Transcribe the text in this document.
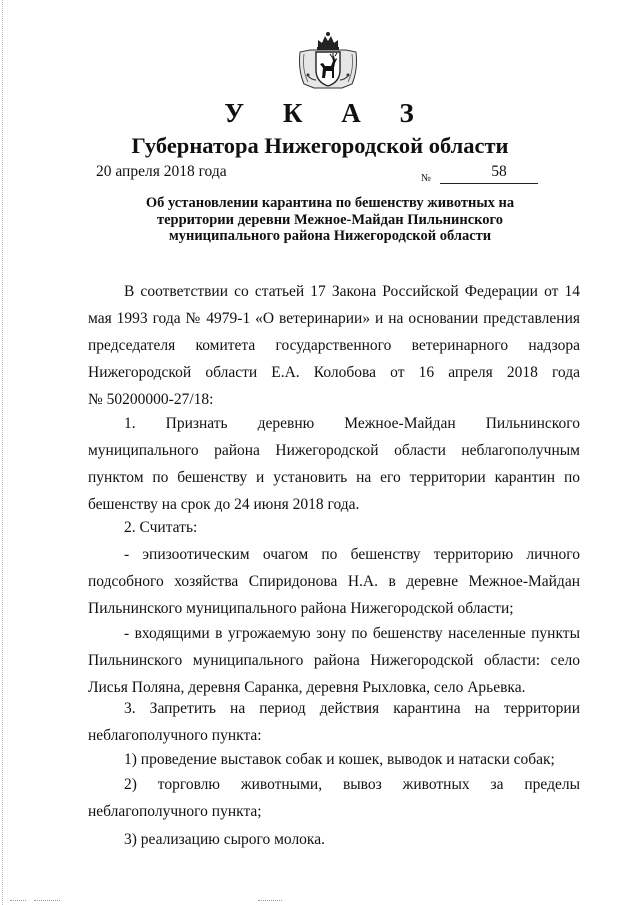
У К А З
Губернатора Нижегородской области
20 апреля 2018 года	№	58
Об установлении карантина по бешенству животных на
территории деревни Межное-Майдан Пильнинского
муниципального района Нижегородской области
В соответствии со статьей 17 Закона Российской Федерации от 14
мая 1993 года № 4979-1 «О ветеринарии» и на основании представления
председателя комитета государственного ветеринарного надзора
Нижегородской области Е.А. Колобова от 16 апреля 2018 года
№ 50200000-27/18:
1. Признать деревню Межное-Майдан Пильнинского
муниципального района Нижегородской области неблагополучным
пунктом по бешенству и установить на его территории карантин по
бешенству на срок до 24 июня 2018 года.
2. Считать:
- эпизоотическим очагом по бешенству территорию личного
подсобного хозяйства Спиридонова Н.А. в деревне Межное-Майдан
Пильнинского муниципального района Нижегородской области;
- входящими в угрожаемую зону по бешенству населенные пункты
Пильнинского муниципального района Нижегородской области: село
Лисья Поляна, деревня Саранка, деревня Рыхловка, село Арьевка.
3. Запретить на период действия карантина на территории
неблагополучного пункта:
1) проведение выставок собак и кошек, выводок и натаски собак;
2) торговлю животными, вывоз животных за пределы
неблагополучного пункта;
3) реализацию сырого молока.
